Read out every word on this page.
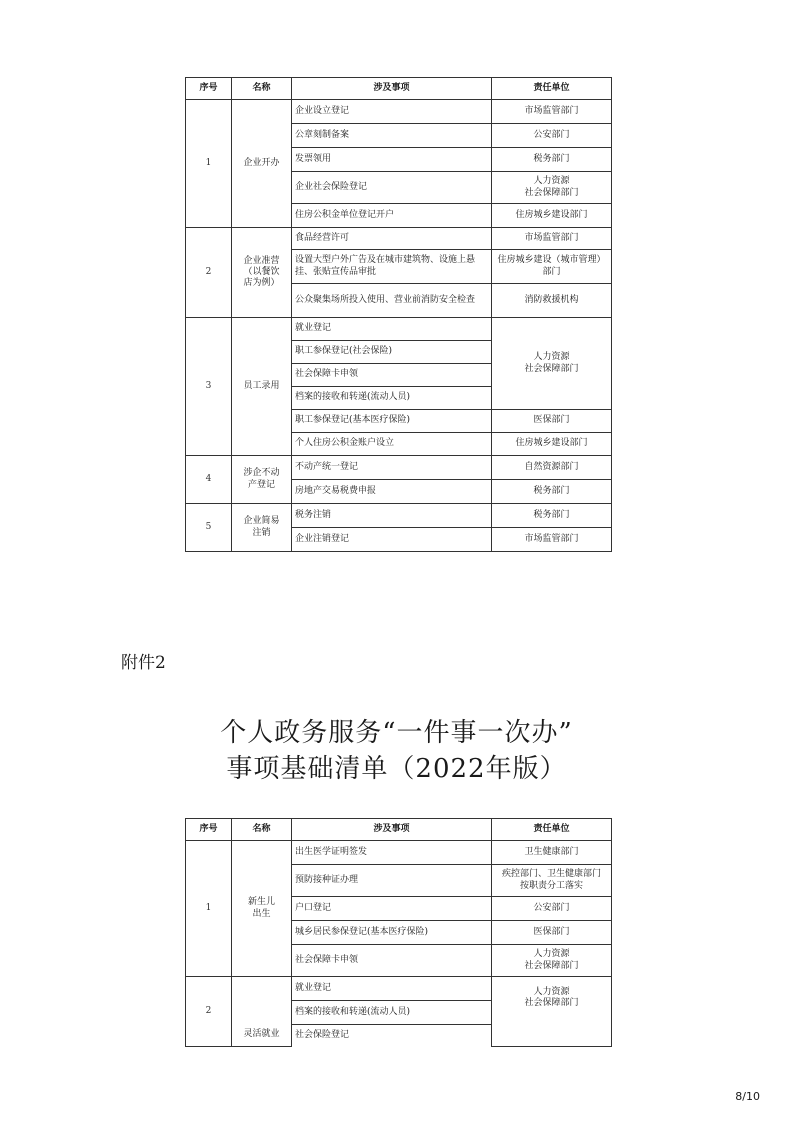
序号	名称	涉及事项	责任单位
1	企业开办	企业设立登记	市场监管部门
		公章刻制备案	公安部门
		发票领用	税务部门
		企业社会保险登记	人力资源
社会保障部门
		住房公积金单位登记开户	住房城乡建设部门
2	企业准营
（以餐饮
店为例）	食品经营许可	市场监管部门
		设置大型户外广告及在城市建筑物、设施上悬挂、张贴宣传品审批	住房城乡建设（城市管理）部门
		公众聚集场所投入使用、营业前消防安全检查	消防救援机构
3	员工录用	就业登记	人力资源
社会保障部门
		职工参保登记(社会保险)	
		社会保障卡申领	
		档案的接收和转递(流动人员)	
		职工参保登记(基本医疗保险)	医保部门
		个人住房公积金账户设立	住房城乡建设部门
4	涉企不动
产登记	不动产统一登记	自然资源部门
		房地产交易税费申报	税务部门
5	企业简易
注销	税务注销	税务部门
		企业注销登记	市场监管部门
附件2
个人政务服务“一件事一次办”
事项基础清单（2022年版）
序号	名称	涉及事项	责任单位
1	新生儿
出生	出生医学证明签发	卫生健康部门
		预防接种证办理	疾控部门、卫生健康部门
按职责分工落实
		户口登记	公安部门
		城乡居民参保登记(基本医疗保险)	医保部门
		社会保障卡申领	人力资源
社会保障部门
2	灵活就业	就业登记	人力资源
社会保障部门
		档案的接收和转递(流动人员)	
		社会保险登记	
8/10
